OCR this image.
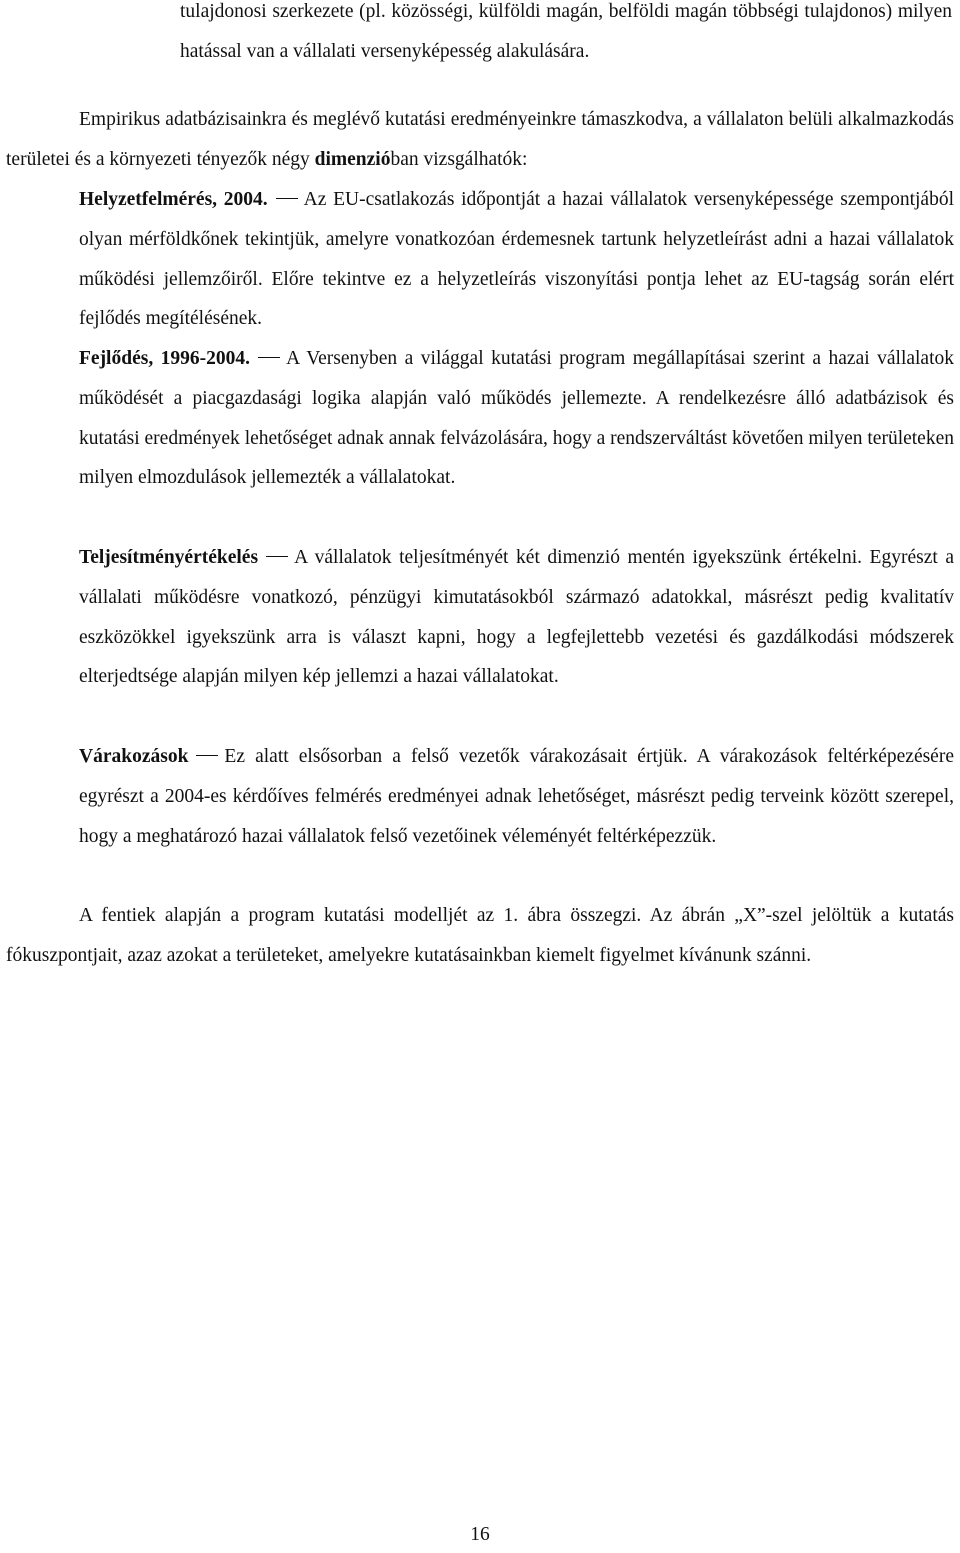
tulajdonosi szerkezete (pl. közösségi, külföldi magán, belföldi magán többségi tulajdonos) milyen hatással van a vállalati versenyképesség alakulására.

Empirikus adatbázisainkra és meglévő kutatási eredményeinkre támaszkodva, a vállalaton belüli alkalmazkodás területei és a környezeti tényezők négy dimenzióban vizsgálhatók:

Helyzetfelmérés, 2004. Az EU-csatlakozás időpontját a hazai vállalatok versenyképessége szempontjából olyan mérföldkőnek tekintjük, amelyre vonatkozóan érdemesnek tartunk helyzetleírást adni a hazai vállalatok működési jellemzőiről. Előre tekintve ez a helyzetleírás viszonyítási pontja lehet az EU-tagság során elért fejlődés megítélésének.

Fejlődés, 1996-2004. A Versenyben a világgal kutatási program megállapításai szerint a hazai vállalatok működését a piacgazdasági logika alapján való működés jellemezte. A rendelkezésre álló adatbázisok és kutatási eredmények lehetőséget adnak annak felvázolására, hogy a rendszerváltást követően milyen területeken milyen elmozdulások jellemezték a vállalatokat.

Teljesítményértékelés A vállalatok teljesítményét két dimenzió mentén igyekszünk értékelni. Egyrészt a vállalati működésre vonatkozó, pénzügyi kimutatásokból származó adatokkal, másrészt pedig kvalitatív eszközökkel igyekszünk arra is választ kapni, hogy a legfejlettebb vezetési és gazdálkodási módszerek elterjedtsége alapján milyen kép jellemzi a hazai vállalatokat.

Várakozások Ez alatt elsősorban a felső vezetők várakozásait értjük. A várakozások feltérképezésére egyrészt a 2004-es kérdőíves felmérés eredményei adnak lehetőséget, másrészt pedig terveink között szerepel, hogy a meghatározó hazai vállalatok felső vezetőinek véleményét feltérképezzük.

A fentiek alapján a program kutatási modelljét az 1. ábra összegzi. Az ábrán „X”-szel jelöltük a kutatás fókuszpontjait, azaz azokat a területeket, amelyekre kutatásainkban kiemelt figyelmet kívánunk szánni.

16
